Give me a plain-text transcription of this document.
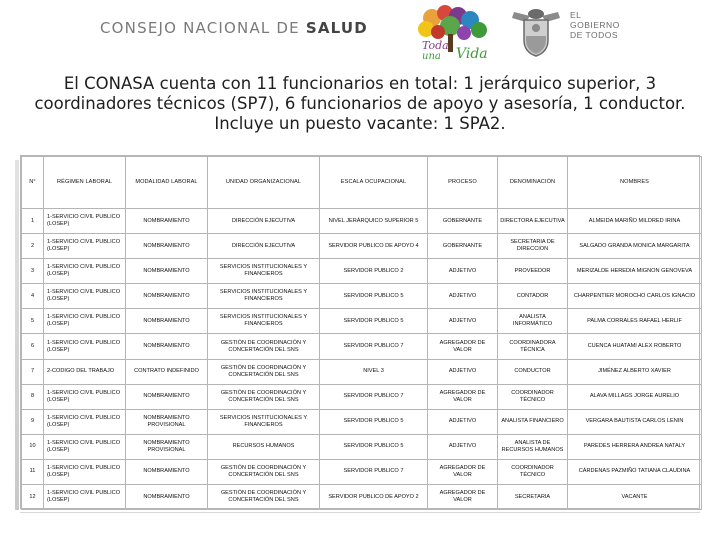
CONSEJO NACIONAL DE SALUD
Toda
una Vida
EL
GOBIERNO
DE TODOS
El CONASA cuenta con 11 funcionarios en total: 1 jerárquico superior, 3 coordinadores técnicos (SP7), 6 funcionarios de apoyo y asesoría, 1 conductor. Incluye un puesto vacante: 1 SPA2.
N°	RÉGIMEN LABORAL	MODALIDAD LABORAL	UNIDAD ORGANIZACIONAL	ESCALA OCUPACIONAL	PROCESO	DENOMINACIÓN	NOMBRES
1	1-SERVICIO CIVIL PUBLICO (LOSEP)	NOMBRAMIENTO	DIRECCIÓN EJECUTIVA	NIVEL JERÁRQUICO SUPERIOR 5	GOBERNANTE	DIRECTORA EJECUTIVA	ALMEIDA MARIÑO MILDRED IRINA
2	1-SERVICIO CIVIL PUBLICO (LOSEP)	NOMBRAMIENTO	DIRECCIÓN EJECUTIVA	SERVIDOR PUBLICO DE APOYO 4	GOBERNANTE	SECRETARIA DE DIRECCION	SALGADO GRANDA MONICA MARGARITA
3	1-SERVICIO CIVIL PUBLICO (LOSEP)	NOMBRAMIENTO	SERVICIOS INSTITUCIONALES Y FINANCIEROS	SERVIDOR PUBLICO 2	ADJETIVO	PROVEEDOR	MERIZALDE HEREDIA MIGNON GENOVEVA
4	1-SERVICIO CIVIL PUBLICO (LOSEP)	NOMBRAMIENTO	SERVICIOS INSTITUCIONALES Y FINANCIEROS	SERVIDOR PUBLICO 5	ADJETIVO	CONTADOR	CHARPENTIER MOROCHO CARLOS IGNACIO
5	1-SERVICIO CIVIL PUBLICO (LOSEP)	NOMBRAMIENTO	SERVICIOS INSTITUCIONALES Y FINANCIEROS	SERVIDOR PUBLICO 5	ADJETIVO	ANALISTA INFORMÁTICO	PALMA CORRALES RAFAEL HERLIF
6	1-SERVICIO CIVIL PUBLICO (LOSEP)	NOMBRAMIENTO	GESTIÓN DE COORDINACIÓN Y CONCERTACIÓN DEL SNS	SERVIDOR PUBLICO 7	AGREGADOR DE VALOR	COORDINADORA TÉCNICA	CUENCA HUATAMI ALEX ROBERTO
7	2-CODIGO DEL TRABAJO	CONTRATO INDEFINIDO	GESTIÓN DE COORDINACIÓN Y CONCERTACIÓN DEL SNS	NIVEL 3	ADJETIVO	CONDUCTOR	JIMÉNEZ ALBERTO XAVIER
8	1-SERVICIO CIVIL PUBLICO (LOSEP)	NOMBRAMIENTO	GESTIÓN DE COORDINACIÓN Y CONCERTACIÓN DEL SNS	SERVIDOR PUBLICO 7	AGREGADOR DE VALOR	COORDINADOR TÉCNICO	ALAVA MILLAGS JORGE AURELIO
9	1-SERVICIO CIVIL PUBLICO (LOSEP)	NOMBRAMIENTO PROVISIONAL	SERVICIOS INSTITUCIONALES Y FINANCIEROS	SERVIDOR PUBLICO 5	ADJETIVO	ANALISTA FINANCIERO	VERGARA BAUTISTA CARLOS LENIN
10	1-SERVICIO CIVIL PUBLICO (LOSEP)	NOMBRAMIENTO PROVISIONAL	RECURSOS HUMANOS	SERVIDOR PUBLICO 5	ADJETIVO	ANALISTA DE RECURSOS HUMANOS	PAREDES HERRERA ANDREA NATALY
11	1-SERVICIO CIVIL PUBLICO (LOSEP)	NOMBRAMIENTO	GESTIÓN DE COORDINACIÓN Y CONCERTACIÓN DEL SNS	SERVIDOR PUBLICO 7	AGREGADOR DE VALOR	COORDINADOR TÉCNICO	CÁRDENAS PAZMIÑO TATIANA CLAUDINA
12	1-SERVICIO CIVIL PUBLICO (LOSEP)	NOMBRAMIENTO	GESTIÓN DE COORDINACIÓN Y CONCERTACIÓN DEL SNS	SERVIDOR PUBLICO DE APOYO 2	AGREGADOR DE VALOR	SECRETARIA	VACANTE
